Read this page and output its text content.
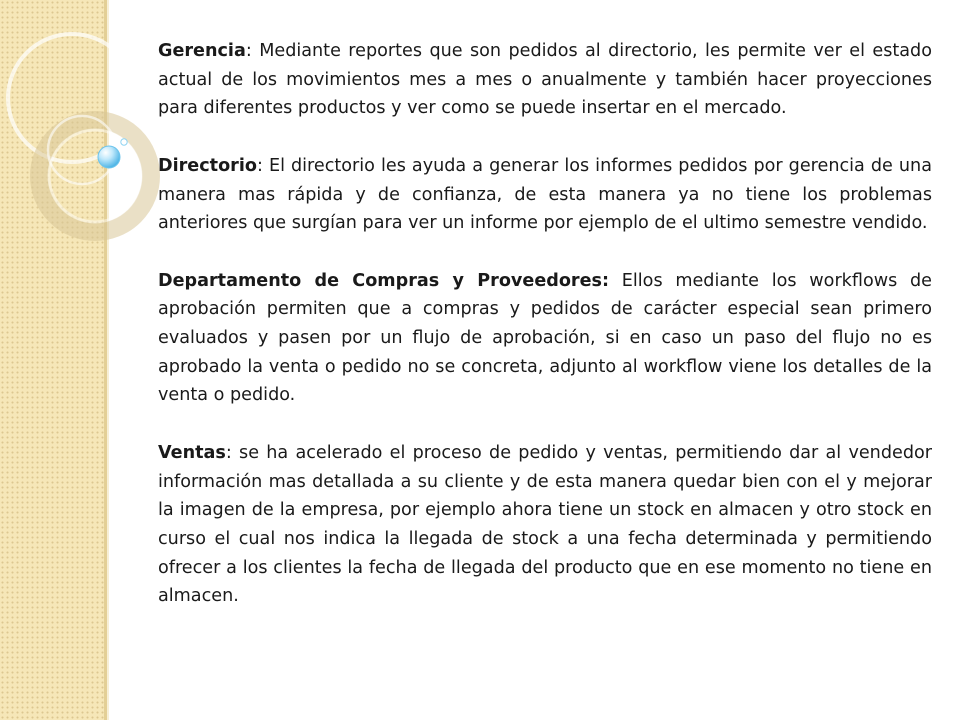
Gerencia: Mediante reportes que son pedidos al directorio, les permite ver el estado actual de los movimientos mes a mes o anualmente y también hacer proyecciones para diferentes productos y ver como se puede insertar en el mercado.

Directorio: El directorio les ayuda a generar los informes pedidos por gerencia de una manera mas rápida y de confianza, de esta manera ya no tiene los problemas anteriores que surgían para ver un informe por ejemplo de el ultimo semestre vendido.

Departamento de Compras y Proveedores: Ellos mediante los workflows de aprobación permiten que a compras y pedidos de carácter especial sean primero evaluados y pasen por un flujo de aprobación, si en caso un paso del flujo no es aprobado la venta o pedido no se concreta, adjunto al workflow viene los detalles de la venta o pedido.

Ventas: se ha acelerado el proceso de pedido y ventas, permitiendo dar al vendedor información mas detallada a su cliente y de esta manera quedar bien con el y mejorar la imagen de la empresa, por ejemplo ahora tiene un stock en almacen y otro stock en curso el cual nos indica la llegada de stock a una fecha determinada y permitiendo ofrecer a los clientes la fecha de llegada del producto que en ese momento no tiene en almacen.
